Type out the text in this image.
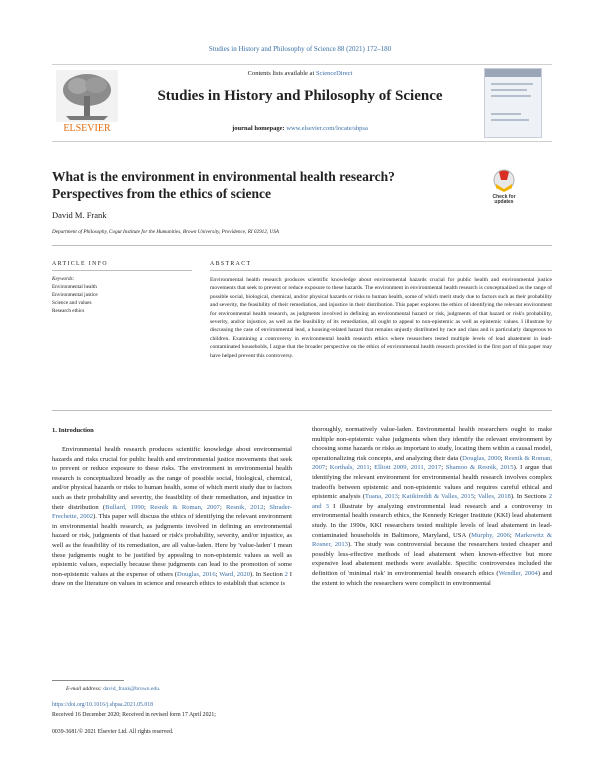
Studies in History and Philosophy of Science 88 (2021) 172–180
ELSEVIER
Contents lists available at ScienceDirect
Studies in History and Philosophy of Science
journal homepage: www.elsevier.com/locate/shpsa
What is the environment in environmental health research? Perspectives from the ethics of science	Check for
updates
David M. Frank
Department of Philosophy, Cogut Institute for the Humanities, Brown University, Providence, RI 02912, USA
ARTICLE INFO	ABSTRACT
Keywords:
Environmental health
Environmental justice
Science and values
Research ethics
Environmental health research produces scientific knowledge about environmental hazards crucial for public health and environmental justice movements that seek to prevent or reduce exposure to these hazards. The environment in environmental health research is conceptualized as the range of possible social, biological, chemical, and/or physical hazards or risks to human health, some of which merit study due to factors such as their probability and severity, the feasibility of their remediation, and injustice in their distribution. This paper explores the ethics of identifying the relevant environment for environmental health research, as judgments involved in defining an environmental hazard or risk, judgments of that hazard or risk's probability, severity, and/or injustice, as well as the feasibility of its remediation, all ought to appeal to non-epistemic as well as epistemic values. I illustrate by discussing the case of environmental lead, a housing-related hazard that remains unjustly distributed by race and class and is particularly dangerous to children. Examining a controversy in environmental health research ethics where researchers tested multiple levels of lead abatement in lead-contaminated households, I argue that the broader perspective on the ethics of environmental health research provided in the first part of this paper may have helped prevent this controversy.
1. Introduction

Environmental health research produces scientific knowledge about environmental hazards and risks crucial for public health and environmental justice movements that seek to prevent or reduce exposure to these risks. The environment in environmental health research is conceptualized broadly as the range of possible social, biological, chemical, and/or physical hazards or risks to human health, some of which merit study due to factors such as their probability and severity, the feasibility of their remediation, and injustice in their distribution (Bullard, 1990; Resnik & Roman, 2007; Resnik, 2012; Shrader-Frechette, 2002). This paper will discuss the ethics of identifying the relevant environment in environmental health research, as judgments involved in defining an environmental hazard or risk, judgments of that hazard or risk's probability, severity, and/or injustice, as well as the feasibility of its remediation, are all value-laden. Here by 'value-laden' I mean these judgments ought to be justified by appealing to non-epistemic values as well as epistemic values, especially because these judgments can lead to the promotion of some non-epistemic values at the expense of others (Douglas, 2016; Ward, 2020). In Section 2 I draw on the literature on values in science and research ethics to establish that science is

thoroughly, normatively value-laden. Environmental health researchers ought to make multiple non-epistemic value judgments when they identify the relevant environment by choosing some hazards or risks as important to study, locating them within a causal model, operationalizing risk concepts, and analyzing their data (Douglas, 2000; Resnik & Roman, 2007; Korthals, 2011; Elliott 2009, 2011, 2017; Shamoo & Resnik, 2015). I argue that identifying the relevant environment for environmental health research involves complex tradeoffs between epistemic and non-epistemic values and requires careful ethical and epistemic analysis (Tuana, 2013; Katikireddi & Valles, 2015; Valles, 2018). In Sections 2 and 3 I illustrate by analyzing environmental lead research and a controversy in environmental health research ethics, the Kennedy Krieger Institute (KKI) lead abatement study. In the 1990s, KKI researchers tested multiple levels of lead abatement in lead-contaminated households in Baltimore, Maryland, USA (Murphy, 2006; Markowitz & Rosner, 2013). The study was controversial because the researchers tested cheaper and possibly less-effective methods of lead abatement when known-effective but more expensive lead abatement methods were available. Specific controversies included the definition of 'minimal risk' in environmental health research ethics (Wendler, 2004) and the extent to which the researchers were complicit in environmental

E-mail address: david_frank@brown.edu.
https://doi.org/10.1016/j.shpsa.2021.05.018
Received 16 December 2020; Received in revised form 17 April 2021;
0039-3681/© 2021 Elsevier Ltd. All rights reserved.
